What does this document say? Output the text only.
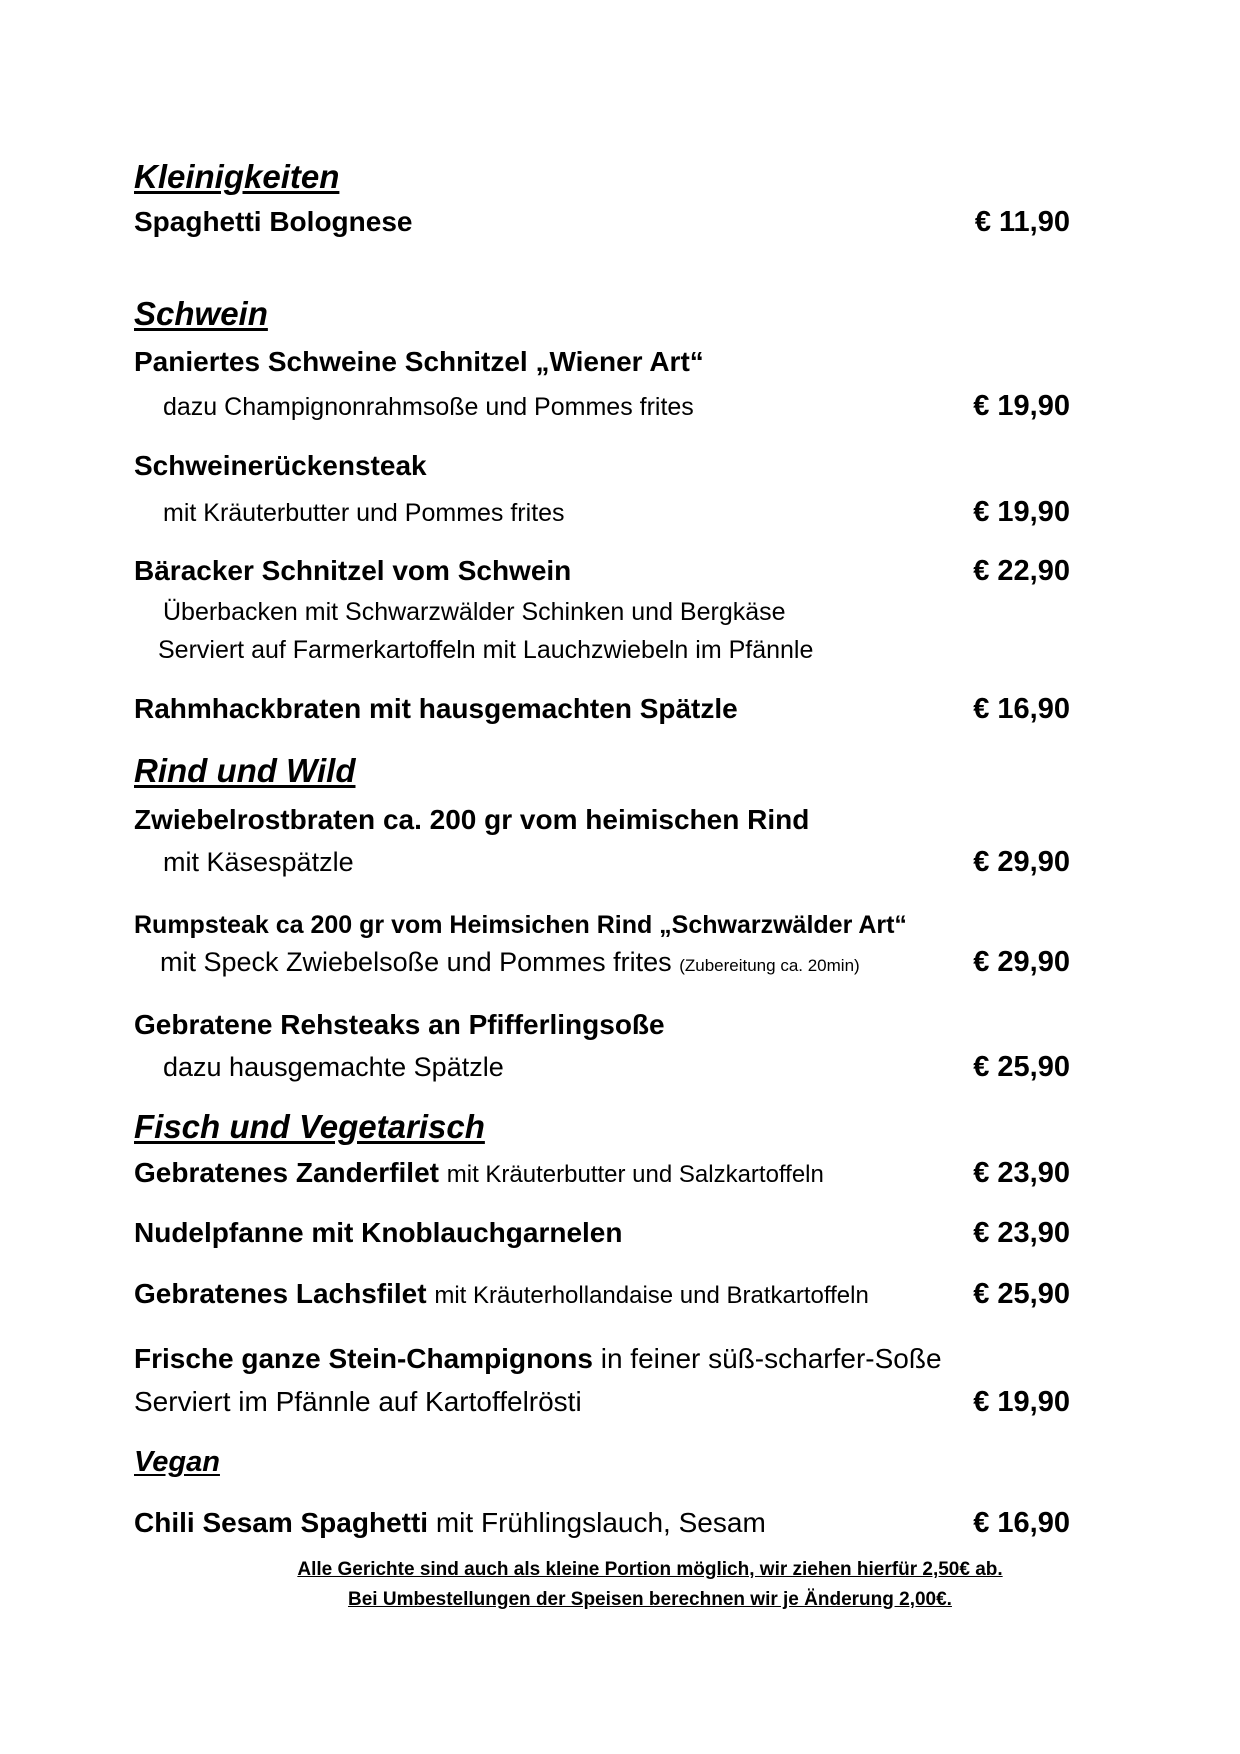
Kleinigkeiten
Spaghetti Bolognese	€ 11,90
Schwein
Paniertes Schweine Schnitzel „Wiener Art“
dazu Champignonrahmsoße und Pommes frites	€ 19,90
Schweinerückensteak
mit Kräuterbutter und Pommes frites	€ 19,90
Bäracker Schnitzel vom Schwein	€ 22,90
Überbacken mit Schwarzwälder Schinken und Bergkäse
Serviert auf Farmerkartoffeln mit Lauchzwiebeln im Pfännle
Rahmhackbraten mit hausgemachten Spätzle	€ 16,90
Rind und Wild
Zwiebelrostbraten ca. 200 gr vom heimischen Rind
mit Käsespätzle	€ 29,90
Rumpsteak ca 200 gr vom Heimsichen Rind „Schwarzwälder Art“
mit Speck Zwiebelsoße und Pommes frites (Zubereitung ca. 20min)	€ 29,90
Gebratene Rehsteaks an Pfifferlingsoße
dazu hausgemachte Spätzle	€ 25,90
Fisch und Vegetarisch
Gebratenes Zanderfilet mit Kräuterbutter und Salzkartoffeln	€ 23,90
Nudelpfanne mit Knoblauchgarnelen	€ 23,90
Gebratenes Lachsfilet mit Kräuterhollandaise und Bratkartoffeln	€ 25,90
Frische ganze Stein-Champignons in feiner süß-scharfer-Soße
Serviert im Pfännle auf Kartoffelrösti	€ 19,90
Vegan
Chili Sesam Spaghetti mit Frühlingslauch, Sesam	€ 16,90
Alle Gerichte sind auch als kleine Portion möglich, wir ziehen hierfür 2,50€ ab.
Bei Umbestellungen der Speisen berechnen wir je Änderung 2,00€.
